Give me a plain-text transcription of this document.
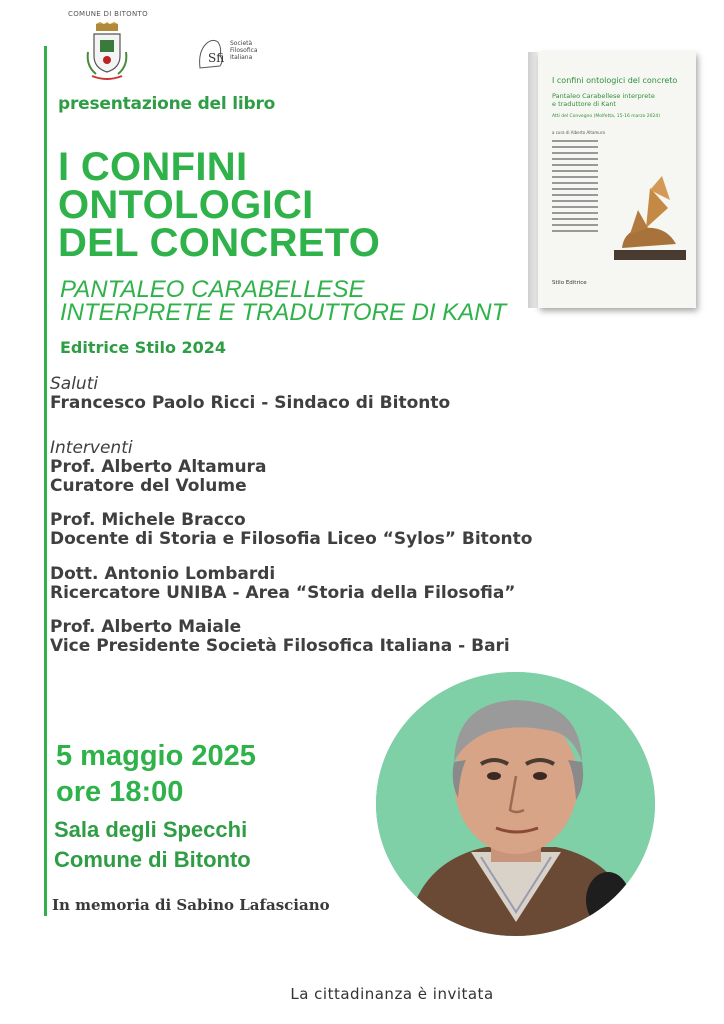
COMUNE DI BITONTO
Sfi
Società
Filosofica
Italiana
presentazione del libro
I CONFINI
ONTOLOGICI
DEL CONCRETO
PANTALEO CARABELLESE
INTERPRETE E TRADUTTORE DI KANT
Editrice Stilo 2024
Saluti
Francesco Paolo Ricci - Sindaco di Bitonto
Interventi
Prof. Alberto Altamura
Curatore del Volume
Prof. Michele Bracco
Docente di Storia e Filosofia Liceo “Sylos” Bitonto
Dott. Antonio Lombardi
Ricercatore UNIBA - Area “Storia della Filosofia”
Prof. Alberto Maiale
Vice Presidente Società Filosofica Italiana - Bari
5 maggio 2025
ore 18:00
Sala degli Specchi
Comune di Bitonto
In memoria di Sabino Lafasciano
La cittadinanza è invitata
I confini ontologici del concreto
Pantaleo Carabellese interprete
e traduttore di Kant
Atti del Convegno (Molfetta, 15-16 marzo 2024)
a cura di Alberto Altamura
Stilo Editrice
